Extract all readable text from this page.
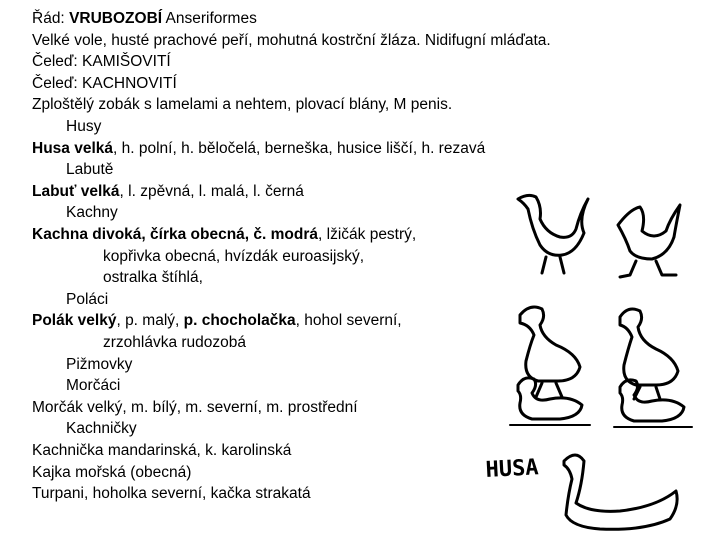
Řád: VRUBOZOBÍ Anseriformes
Velké vole, husté prachové peří, mohutná kostrční žláza. Nidifugní mláďata.
Čeleď: KAMIŠOVITÍ
Čeleď: KACHNOVITÍ
Zploštělý zobák s lamelami a nehtem, plovací blány, M penis.
Husy
Husa velká, h. polní, h. běločelá, berneška, husice liščí, h. rezavá
Labutě
Labuť velká, l. zpěvná, l. malá, l. černá
Kachny
Kachna divoká, čírka obecná, č. modrá, lžičák pestrý,
kopřivka obecná, hvízdák euroasijský,
ostralka štíhlá,
Poláci
Polák velký, p. malý, p. chocholačka, hohol severní,
zrzohlávka rudozobá
Pižmovky
Morčáci
Morčák velký, m. bílý, m. severní, m. prostřední
Kachničky
Kachnička mandarinská, k. karolinská
Kajka mořská (obecná)
Turpani, hoholka severní, kačka strakatá
HUSA
